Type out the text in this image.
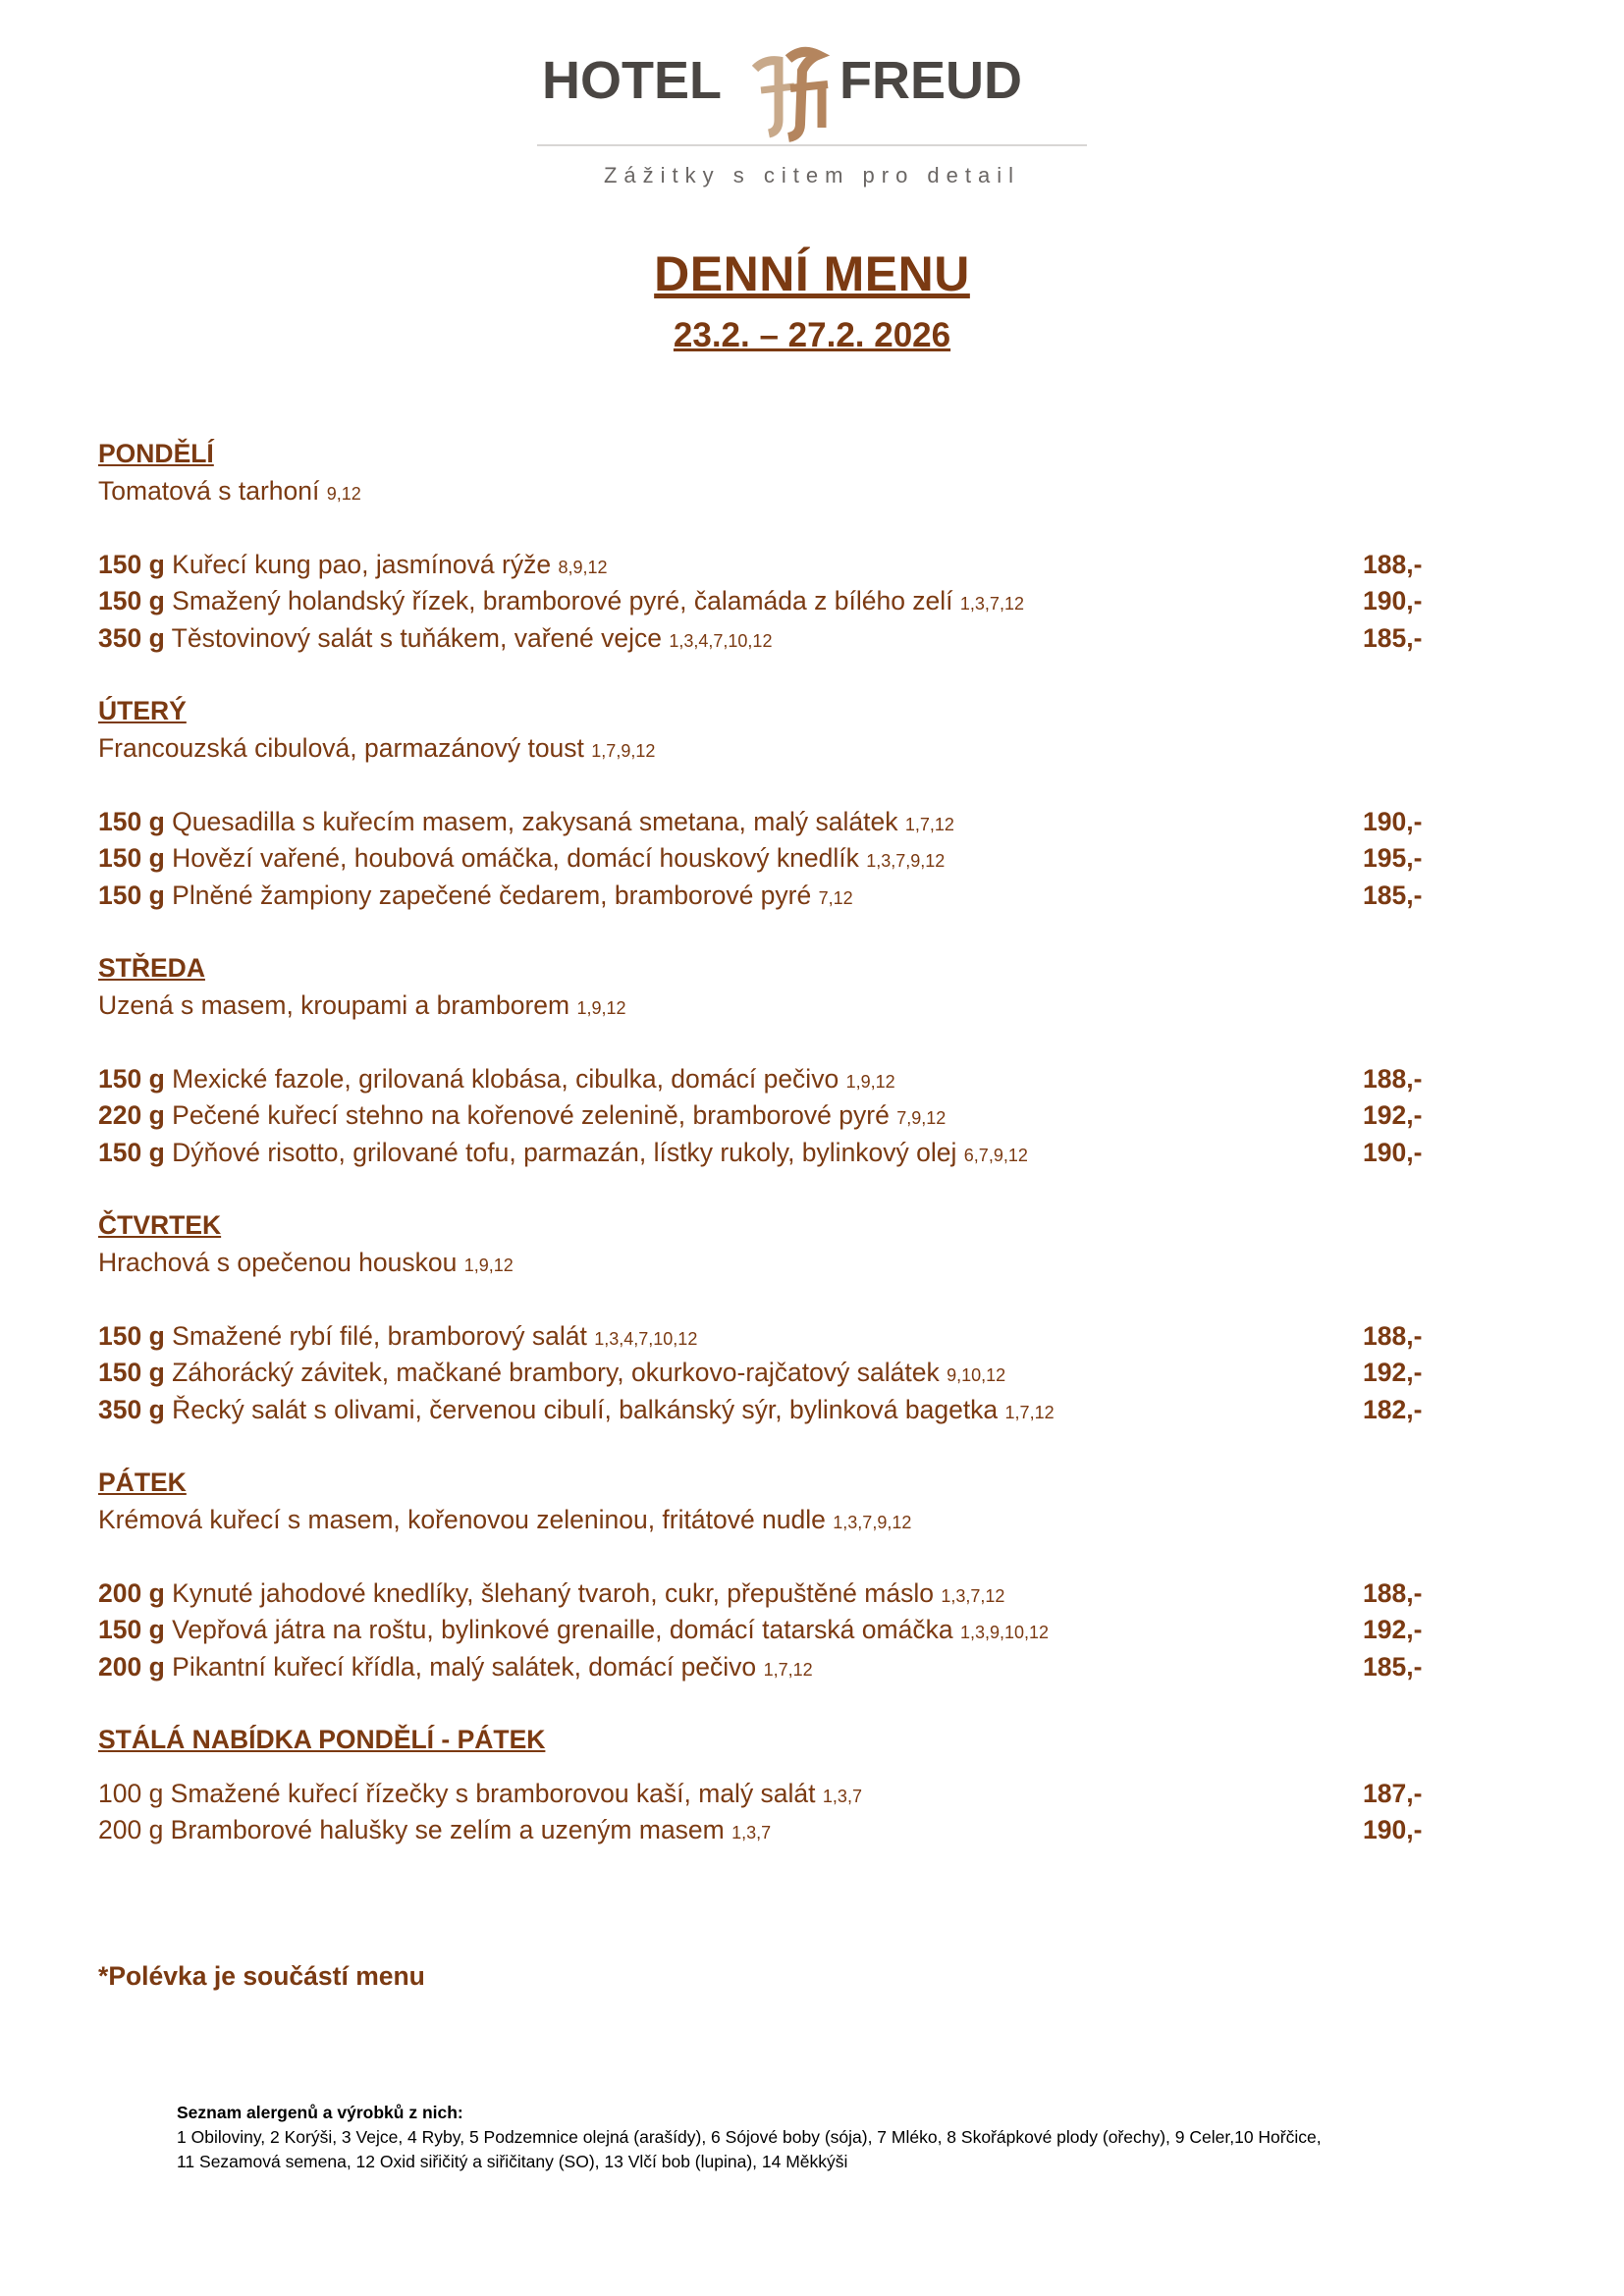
HOTEL FREUD
Zážitky s citem pro detail
DENNÍ MENU
23.2. – 27.2. 2026
PONDĚLÍ
Tomatová s tarhoní 9,12
150 g Kuřecí kung pao, jasmínová rýže 8,9,12	188,-
150 g Smažený holandský řízek, bramborové pyré, čalamáda z bílého zelí 1,3,7,12	190,-
350 g Těstovinový salát s tuňákem, vařené vejce 1,3,4,7,10,12	185,-
ÚTERÝ
Francouzská cibulová, parmazánový toust 1,7,9,12
150 g Quesadilla s kuřecím masem, zakysaná smetana, malý salátek 1,7,12	190,-
150 g Hovězí vařené, houbová omáčka, domácí houskový knedlík 1,3,7,9,12	195,-
150 g Plněné žampiony zapečené čedarem, bramborové pyré 7,12	185,-
STŘEDA
Uzená s masem, kroupami a bramborem 1,9,12
150 g Mexické fazole, grilovaná klobása, cibulka, domácí pečivo 1,9,12	188,-
220 g Pečené kuřecí stehno na kořenové zelenině, bramborové pyré 7,9,12	192,-
150 g Dýňové risotto, grilované tofu, parmazán, lístky rukoly, bylinkový olej 6,7,9,12	190,-
ČTVRTEK
Hrachová s opečenou houskou 1,9,12
150 g Smažené rybí filé, bramborový salát 1,3,4,7,10,12	188,-
150 g Záhorácký závitek, mačkané brambory, okurkovo-rajčatový salátek 9,10,12	192,-
350 g Řecký salát s olivami, červenou cibulí, balkánský sýr, bylinková bagetka 1,7,12	182,-
PÁTEK
Krémová kuřecí s masem, kořenovou zeleninou, fritátové nudle 1,3,7,9,12
200 g Kynuté jahodové knedlíky, šlehaný tvaroh, cukr, přepuštěné máslo 1,3,7,12	188,-
150 g Vepřová játra na roštu, bylinkové grenaille, domácí tatarská omáčka 1,3,9,10,12	192,-
200 g Pikantní kuřecí křídla, malý salátek, domácí pečivo 1,7,12	185,-
STÁLÁ NABÍDKA PONDĚLÍ - PÁTEK
100 g Smažené kuřecí řízečky s bramborovou kaší, malý salát 1,3,7	187,-
200 g Bramborové halušky se zelím a uzeným masem 1,3,7	190,-
*Polévka je součástí menu
Seznam alergenů a výrobků z nich:
1 Obiloviny, 2 Korýši, 3 Vejce, 4 Ryby, 5 Podzemnice olejná (arašídy), 6 Sójové boby (sója), 7 Mléko, 8 Skořápkové plody (ořechy), 9 Celer,10 Hořčice,
11 Sezamová semena, 12 Oxid siřičitý a siřičitany (SO), 13 Vlčí bob (lupina), 14 Měkkýši
